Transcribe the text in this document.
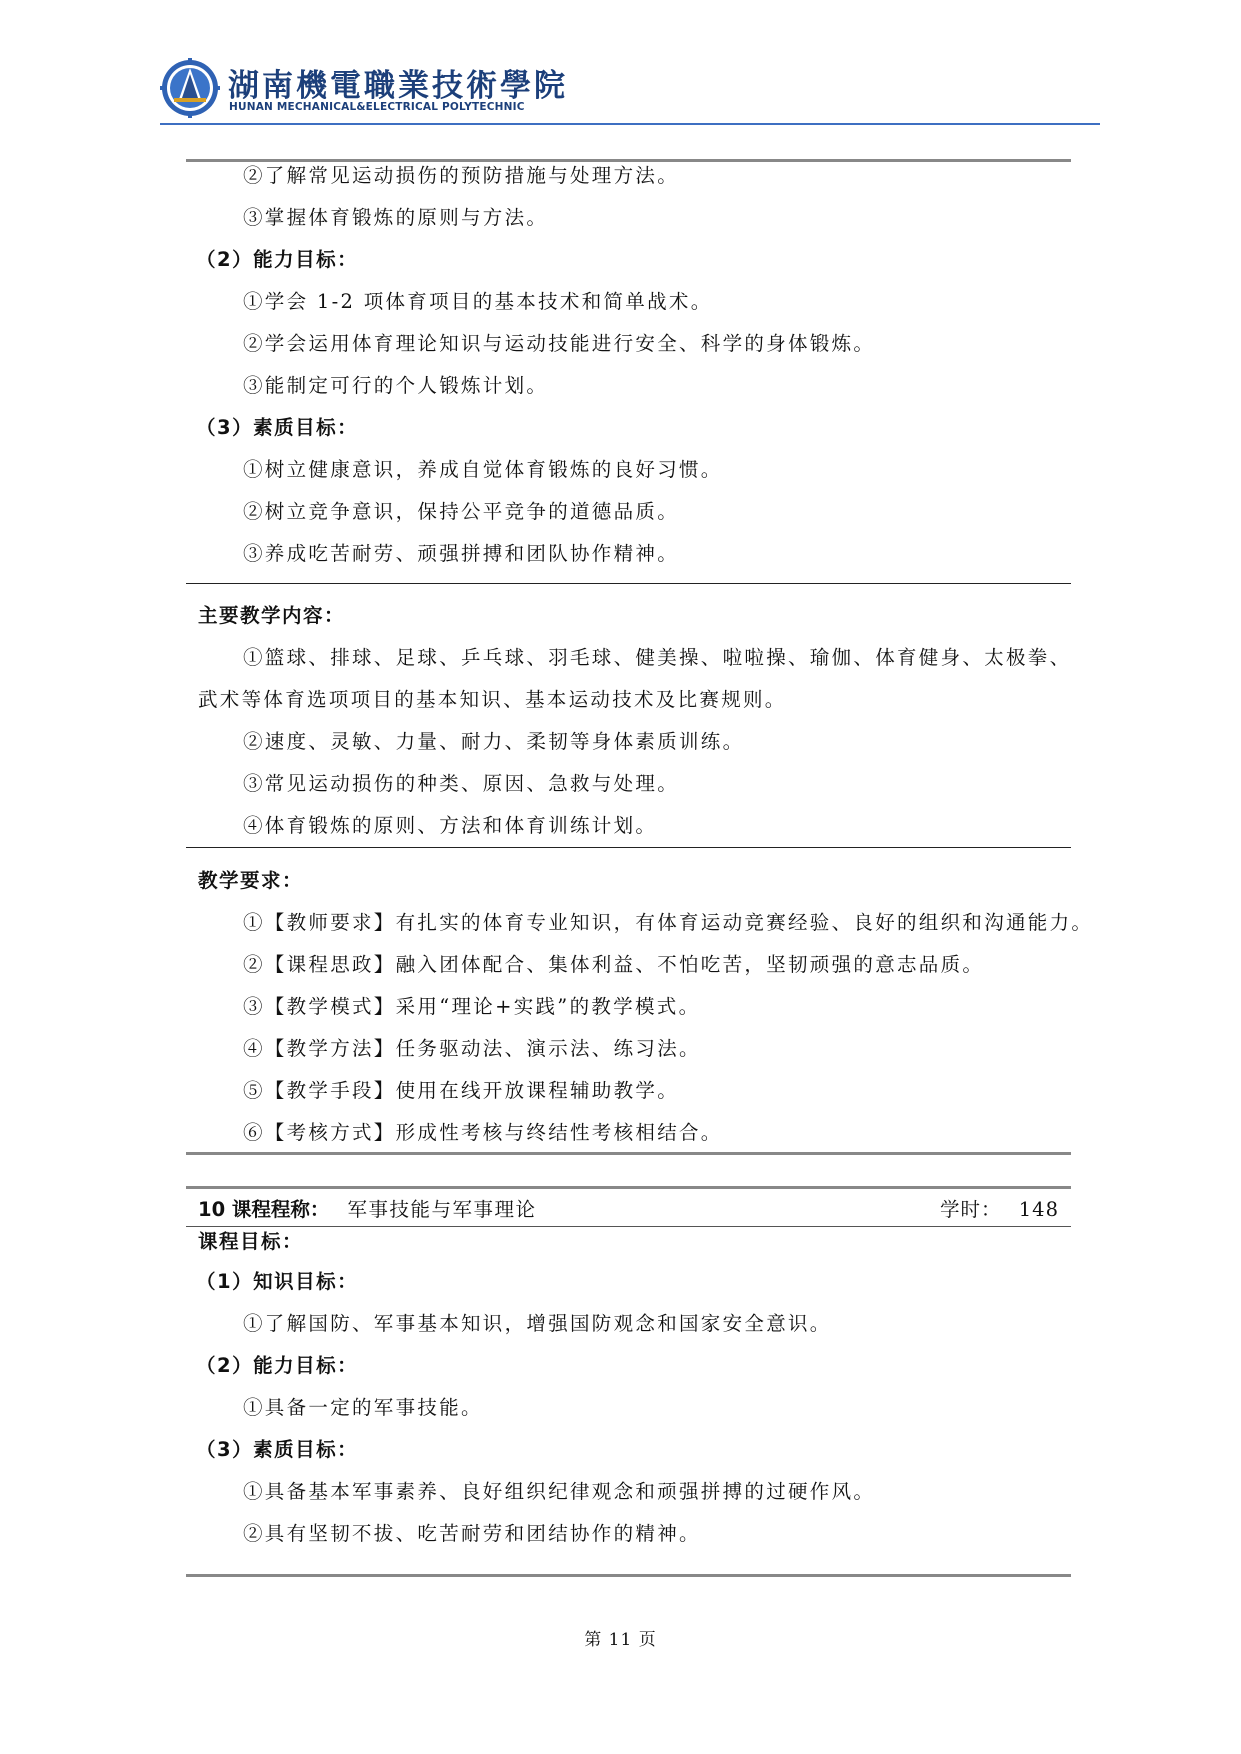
湖南機電職業技術學院
HUNAN MECHANICAL&ELECTRICAL POLYTECHNIC
②了解常见运动损伤的预防措施与处理方法。
③掌握体育锻炼的原则与方法。
（2）能力目标：
①学会 1-2 项体育项目的基本技术和简单战术。
②学会运用体育理论知识与运动技能进行安全、科学的身体锻炼。
③能制定可行的个人锻炼计划。
（3）素质目标：
①树立健康意识，养成自觉体育锻炼的良好习惯。
②树立竞争意识，保持公平竞争的道德品质。
③养成吃苦耐劳、顽强拼搏和团队协作精神。
主要教学内容：
①篮球、排球、足球、乒乓球、羽毛球、健美操、啦啦操、瑜伽、体育健身、太极拳、
武术等体育选项项目的基本知识、基本运动技术及比赛规则。
②速度、灵敏、力量、耐力、柔韧等身体素质训练。
③常见运动损伤的种类、原因、急救与处理。
④体育锻炼的原则、方法和体育训练计划。
教学要求：
①【教师要求】有扎实的体育专业知识，有体育运动竞赛经验、良好的组织和沟通能力。
②【课程思政】融入团体配合、集体利益、不怕吃苦，坚韧顽强的意志品质。
③【教学模式】采用“理论+实践”的教学模式。
④【教学方法】任务驱动法、演示法、练习法。
⑤【教学手段】使用在线开放课程辅助教学。
⑥【考核方式】形成性考核与终结性考核相结合。
10 课程程称： 军事技能与军事理论	学时： 148
课程目标：
（1）知识目标：
①了解国防、军事基本知识，增强国防观念和国家安全意识。
（2）能力目标：
①具备一定的军事技能。
（3）素质目标：
①具备基本军事素养、良好组织纪律观念和顽强拼搏的过硬作风。
②具有坚韧不拔、吃苦耐劳和团结协作的精神。
第 11 页
